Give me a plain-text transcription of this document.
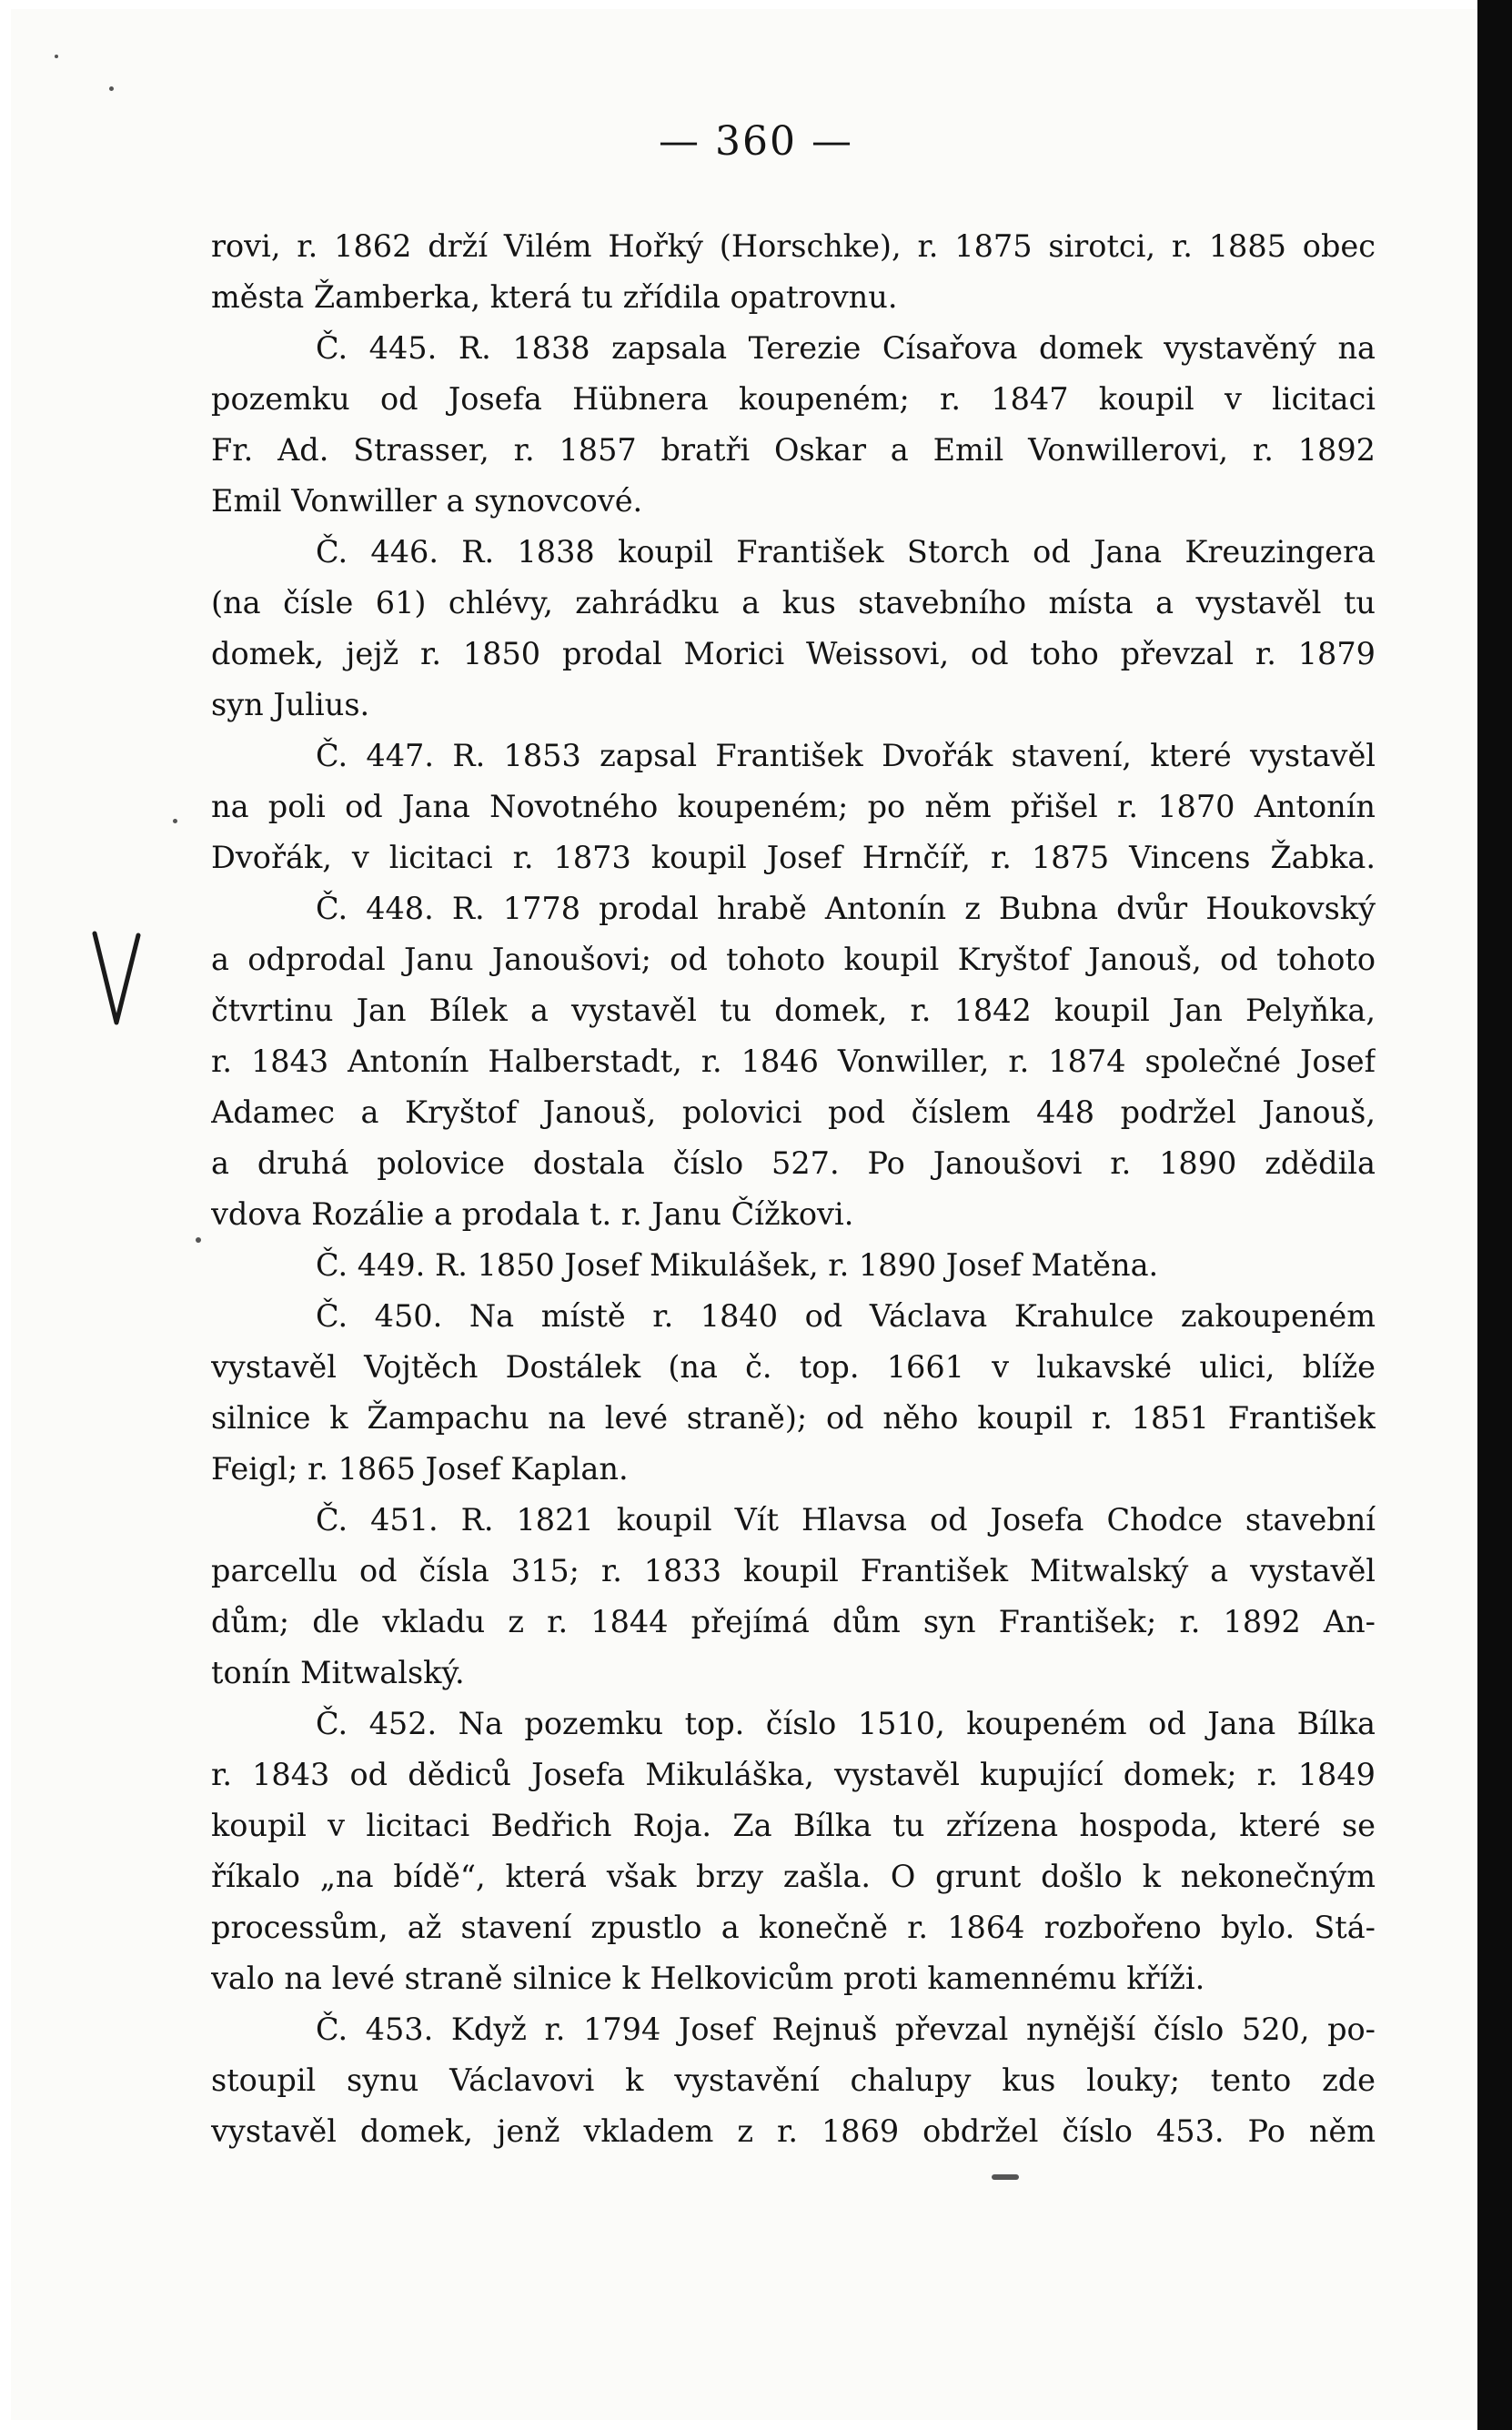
— 360 —
rovi, r. 1862 drží Vilém Hořký (Horschke), r. 1875 sirotci, r. 1885 obec
města Žamberka, která tu zřídila opatrovnu.
Č. 445. R. 1838 zapsala Terezie Císařova domek vystavěný na
pozemku od Josefa Hübnera koupeném; r. 1847 koupil v licitaci
Fr. Ad. Strasser, r. 1857 bratři Oskar a Emil Vonwillerovi, r. 1892
Emil Vonwiller a synovcové.
Č. 446. R. 1838 koupil František Storch od Jana Kreuzingera
(na čísle 61) chlévy, zahrádku a kus stavebního místa a vystavěl tu
domek, jejž r. 1850 prodal Morici Weissovi, od toho převzal r. 1879
syn Julius.
Č. 447. R. 1853 zapsal František Dvořák stavení, které vystavěl
na poli od Jana Novotného koupeném; po něm přišel r. 1870 Antonín
Dvořák, v licitaci r. 1873 koupil Josef Hrnčíř, r. 1875 Vincens Žabka.
Č. 448. R. 1778 prodal hrabě Antonín z Bubna dvůr Houkovský
a odprodal Janu Janoušovi; od tohoto koupil Kryštof Janouš, od tohoto
čtvrtinu Jan Bílek a vystavěl tu domek, r. 1842 koupil Jan Pelyňka,
r. 1843 Antonín Halberstadt, r. 1846 Vonwiller, r. 1874 společné Josef
Adamec a Kryštof Janouš, polovici pod číslem 448 podržel Janouš,
a druhá polovice dostala číslo 527. Po Janoušovi r. 1890 zdědila
vdova Rozálie a prodala t. r. Janu Čížkovi.
Č. 449. R. 1850 Josef Mikulášek, r. 1890 Josef Matěna.
Č. 450. Na místě r. 1840 od Václava Krahulce zakoupeném
vystavěl Vojtěch Dostálek (na č. top. 1661 v lukavské ulici, blíže
silnice k Žampachu na levé straně); od něho koupil r. 1851 František
Feigl; r. 1865 Josef Kaplan.
Č. 451. R. 1821 koupil Vít Hlavsa od Josefa Chodce stavební
parcellu od čísla 315; r. 1833 koupil František Mitwalský a vystavěl
dům; dle vkladu z r. 1844 přejímá dům syn František; r. 1892 An-
tonín Mitwalský.
Č. 452. Na pozemku top. číslo 1510, koupeném od Jana Bílka
r. 1843 od dědiců Josefa Mikuláška, vystavěl kupující domek; r. 1849
koupil v licitaci Bedřich Roja. Za Bílka tu zřízena hospoda, které se
říkalo „na bídě“, která však brzy zašla. O grunt došlo k nekonečným
processům, až stavení zpustlo a konečně r. 1864 rozbořeno bylo. Stá-
valo na levé straně silnice k Helkovicům proti kamennému kříži.
Č. 453. Když r. 1794 Josef Rejnuš převzal nynější číslo 520, po-
stoupil synu Václavovi k vystavění chalupy kus louky; tento zde
vystavěl domek, jenž vkladem z r. 1869 obdržel číslo 453. Po něm
